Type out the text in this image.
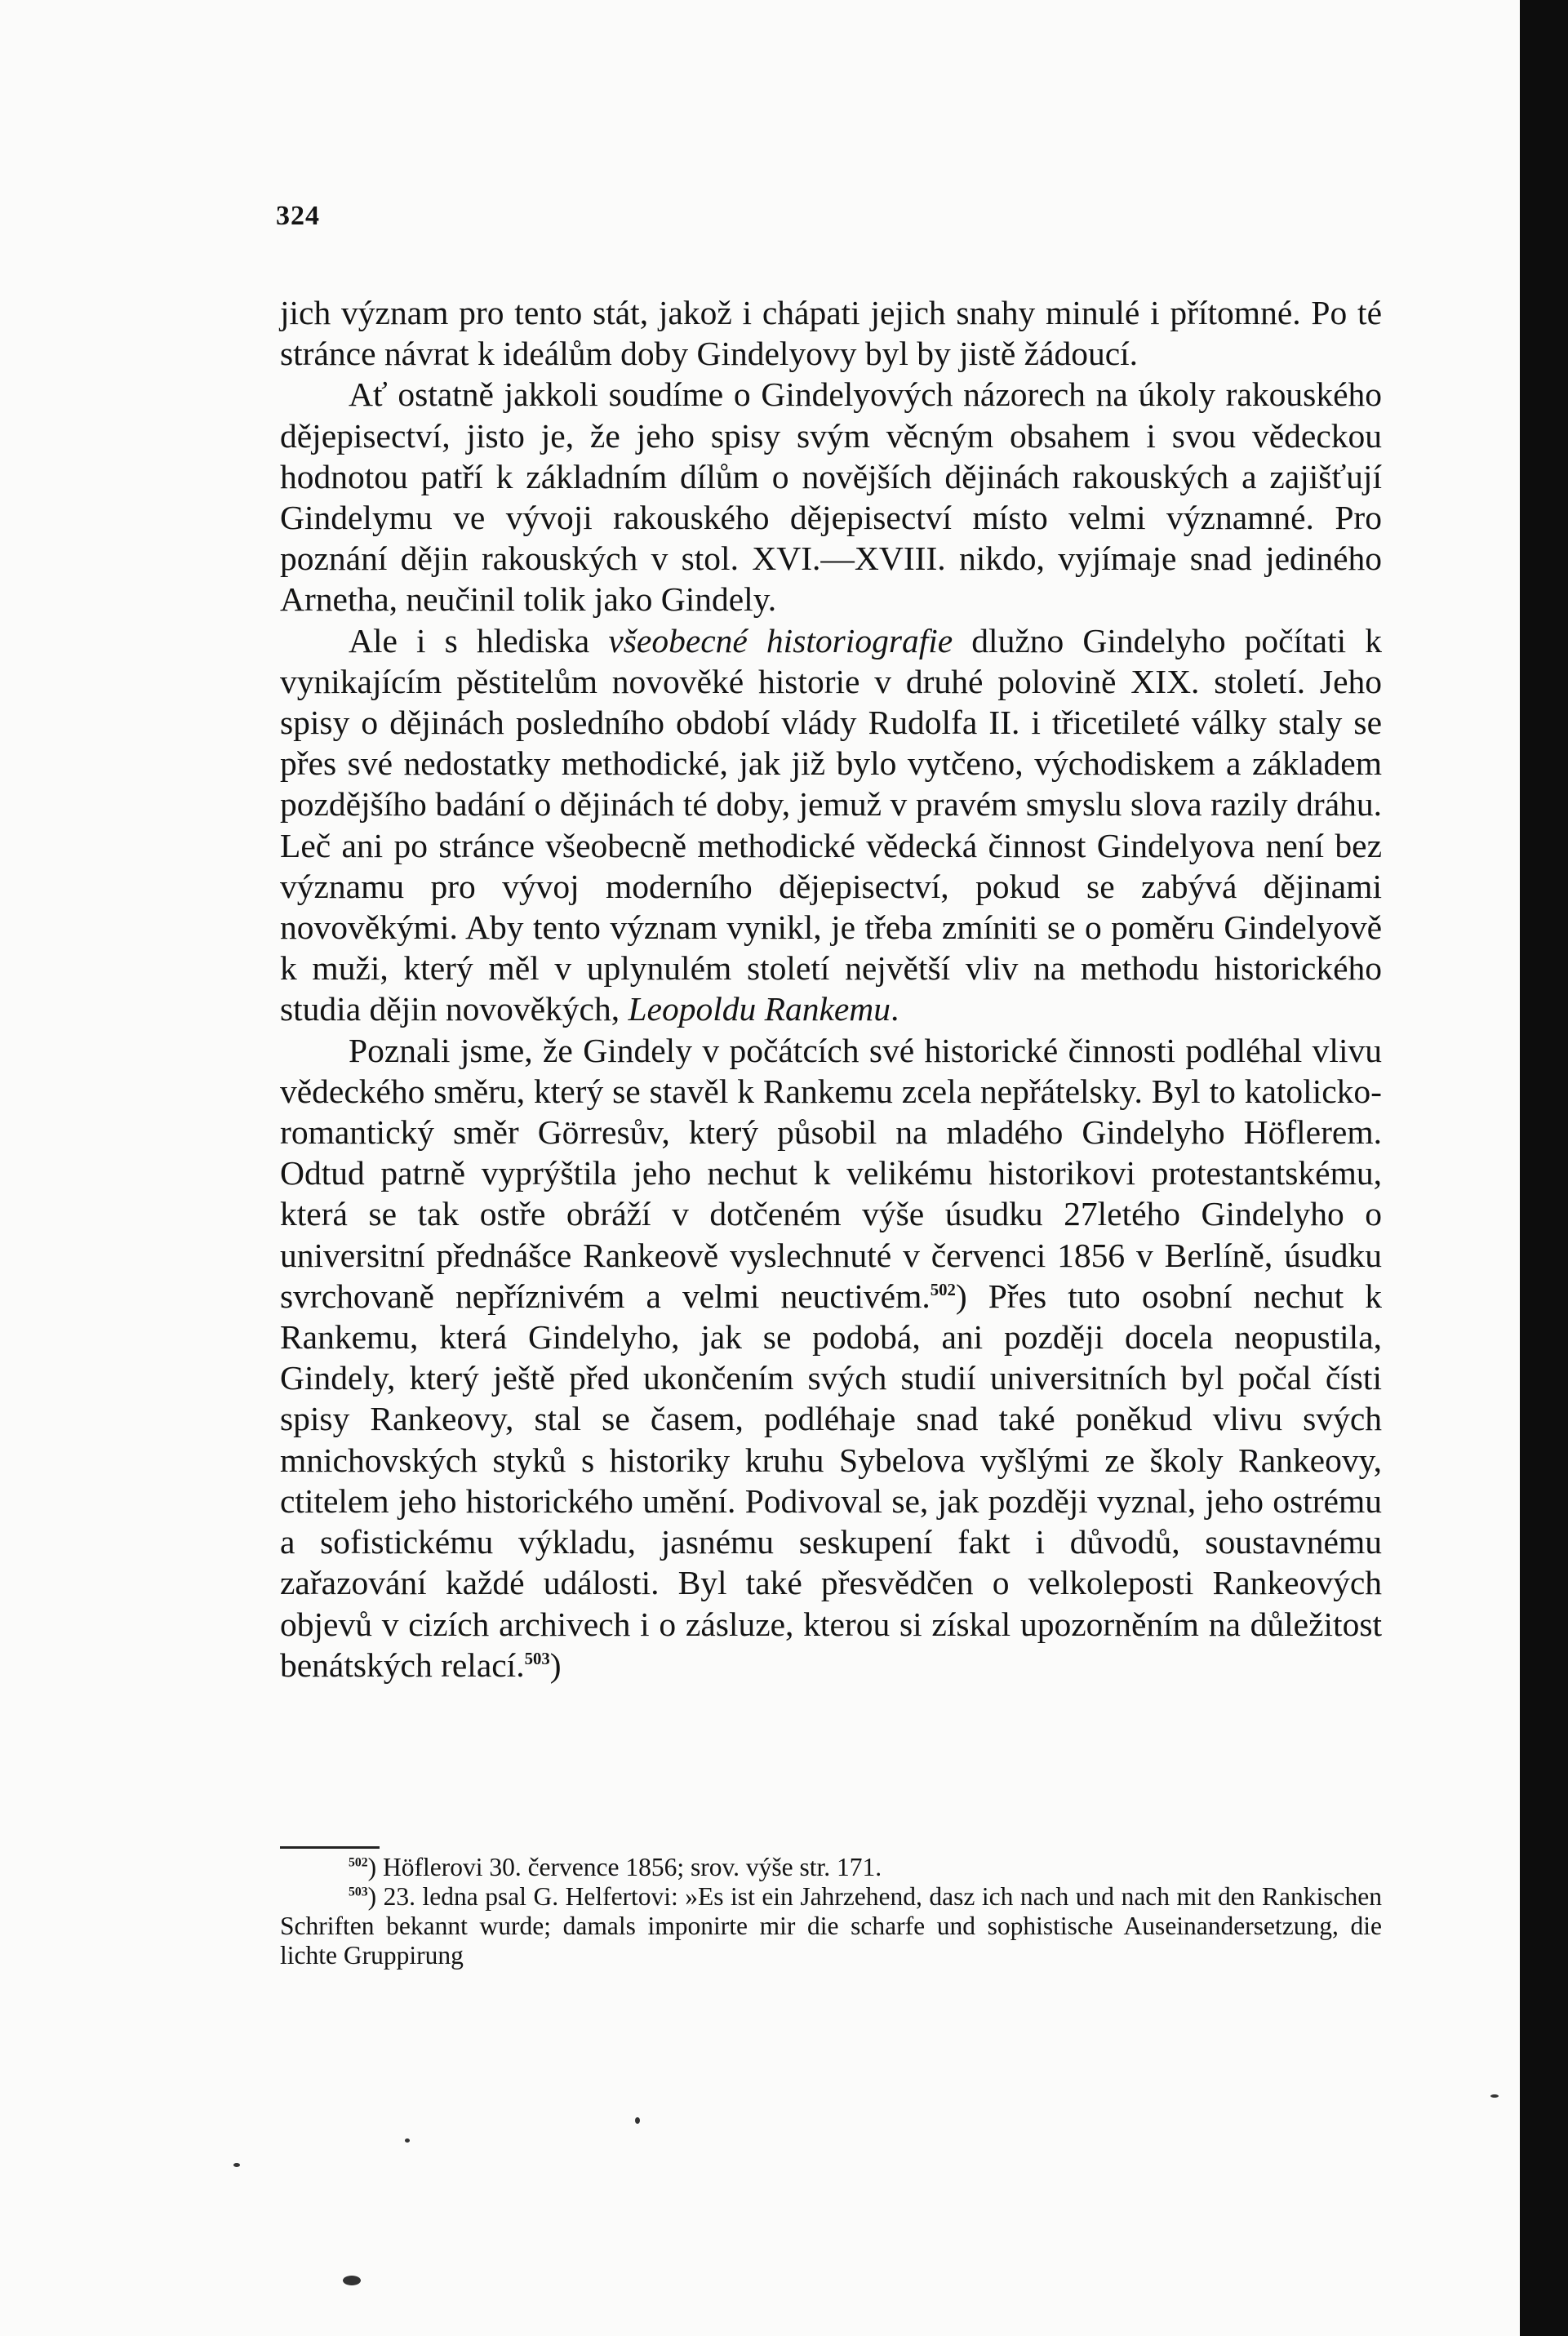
324

jich význam pro tento stát, jakož i chápati jejich snahy minulé i přítomné. Po té stránce návrat k ideálům doby Gindelyovy byl by jistě žádoucí.

Ať ostatně jakkoli soudíme o Gindelyových názorech na úkoly rakouského dějepisectví, jisto je, že jeho spisy svým věcným obsahem i svou vědeckou hodnotou patří k základním dílům o novějších dějinách rakouských a zajišťují Gindelymu ve vývoji rakouského dějepisectví místo velmi významné. Pro poznání dějin rakouských v stol. XVI.—XVIII. nikdo, vyjímaje snad jediného Arnetha, neučinil tolik jako Gindely.

Ale i s hlediska všeobecné historiografie dlužno Gindelyho počítati k vynikajícím pěstitelům novověké historie v druhé polovině XIX. století. Jeho spisy o dějinách posledního období vlády Rudolfa II. i třicetileté války staly se přes své nedostatky methodické, jak již bylo vytčeno, východiskem a základem pozdějšího badání o dějinách té doby, jemuž v pravém smyslu slova razily dráhu. Leč ani po stránce všeobecně methodické vědecká činnost Gindelyova není bez významu pro vývoj moderního dějepisectví, pokud se zabývá dějinami novověkými. Aby tento význam vynikl, je třeba zmíniti se o poměru Gindelyově k muži, který měl v uplynulém století největší vliv na methodu historického studia dějin novověkých, Leopoldu Rankemu.

Poznali jsme, že Gindely v počátcích své historické činnosti podléhal vlivu vědeckého směru, který se stavěl k Rankemu zcela nepřátelsky. Byl to katolicko-romantický směr Görresův, který působil na mladého Gindelyho Höflerem. Odtud patrně vyprýštila jeho nechut k velikému historikovi protestantskému, která se tak ostře obráží v dotčeném výše úsudku 27letého Gindelyho o universitní přednášce Rankeově vyslechnuté v červenci 1856 v Berlíně, úsudku svrchovaně nepříznivém a velmi neuctivém.$^{502}$) Přes tuto osobní nechut k Rankemu, která Gindelyho, jak se podobá, ani později docela neopustila, Gindely, který ještě před ukončením svých studií universitních byl počal čísti spisy Rankeovy, stal se časem, podléhaje snad také poněkud vlivu svých mnichovských styků s historiky kruhu Sybelova vyšlými ze školy Rankeovy, ctitelem jeho historického umění. Podivoval se, jak později vyznal, jeho ostrému a sofistickému výkladu, jasnému seskupení fakt i důvodů, soustavnému zařazování každé události. Byl také přesvědčen o velkoleposti Rankeových objevů v cizích archivech i o zásluze, kterou si získal upozorněním na důležitost benátských relací.$^{503}$)

$^{502}$) Höflerovi 30. července 1856; srov. výše str. 171.

$^{503}$) 23. ledna psal G. Helfertovi: »Es ist ein Jahrzehend, dasz ich nach und nach mit den Rankischen Schriften bekannt wurde; damals imponirte mir die scharfe und sophistische Auseinandersetzung, die lichte Gruppirung
